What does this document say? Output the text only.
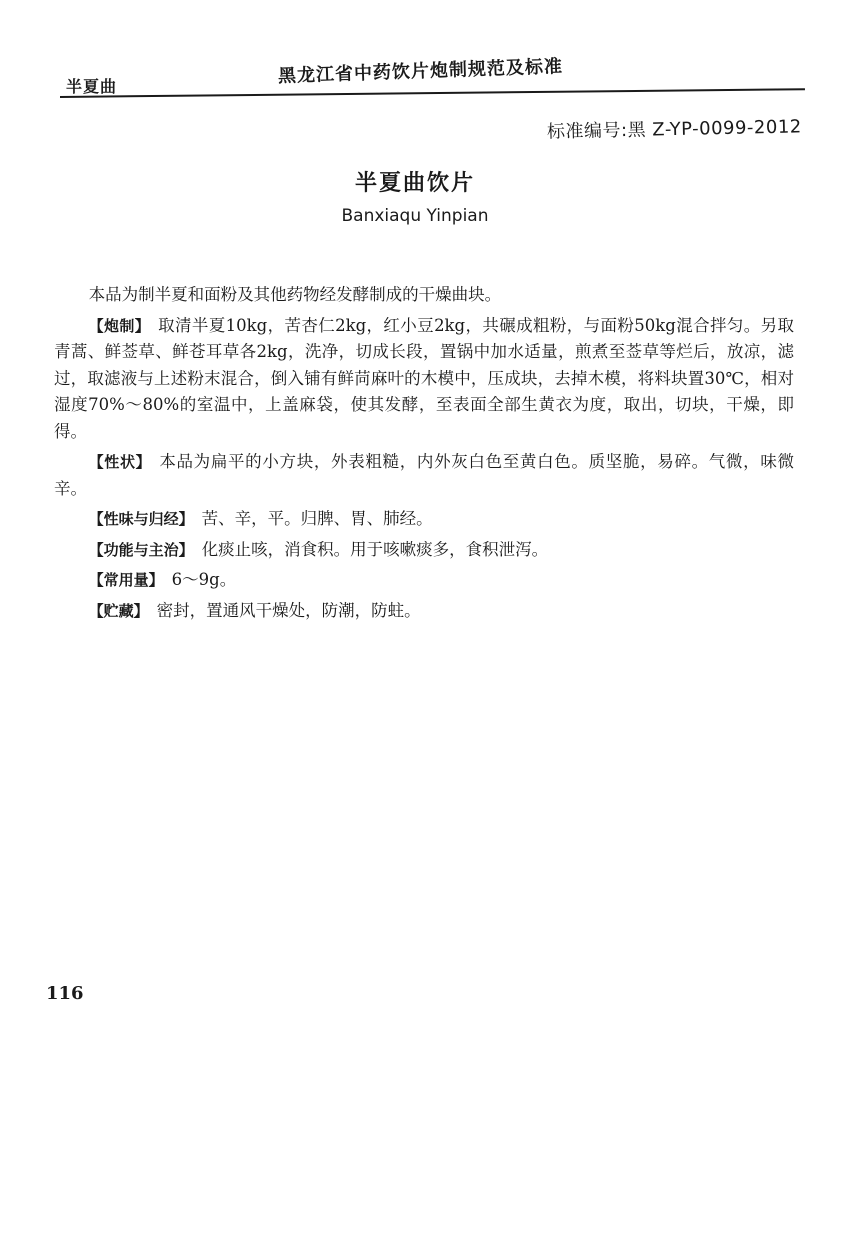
半夏曲	黑龙江省中药饮片炮制规范及标准
标准编号:黑 Z-YP-0099-2012
半夏曲饮片
Banxiaqu Yinpian

本品为制半夏和面粉及其他药物经发酵制成的干燥曲块。

【炮制】 取清半夏10kg，苦杏仁2kg，红小豆2kg，共碾成粗粉，与面粉50kg混合拌匀。另取青蒿、鲜莶草、鲜苍耳草各2kg，洗净，切成长段，置锅中加水适量，煎煮至莶草等烂后，放凉，滤过，取滤液与上述粉末混合，倒入铺有鲜苘麻叶的木模中，压成块，去掉木模，将料块置30℃，相对湿度70%～80%的室温中，上盖麻袋，使其发酵，至表面全部生黄衣为度，取出，切块，干燥，即得。

【性状】 本品为扁平的小方块，外表粗糙，内外灰白色至黄白色。质坚脆，易碎。气微，味微辛。

【性味与归经】 苦、辛，平。归脾、胃、肺经。

【功能与主治】 化痰止咳，消食积。用于咳嗽痰多，食积泄泻。

【常用量】 6～9g。

【贮藏】 密封，置通风干燥处，防潮，防蛀。

116
